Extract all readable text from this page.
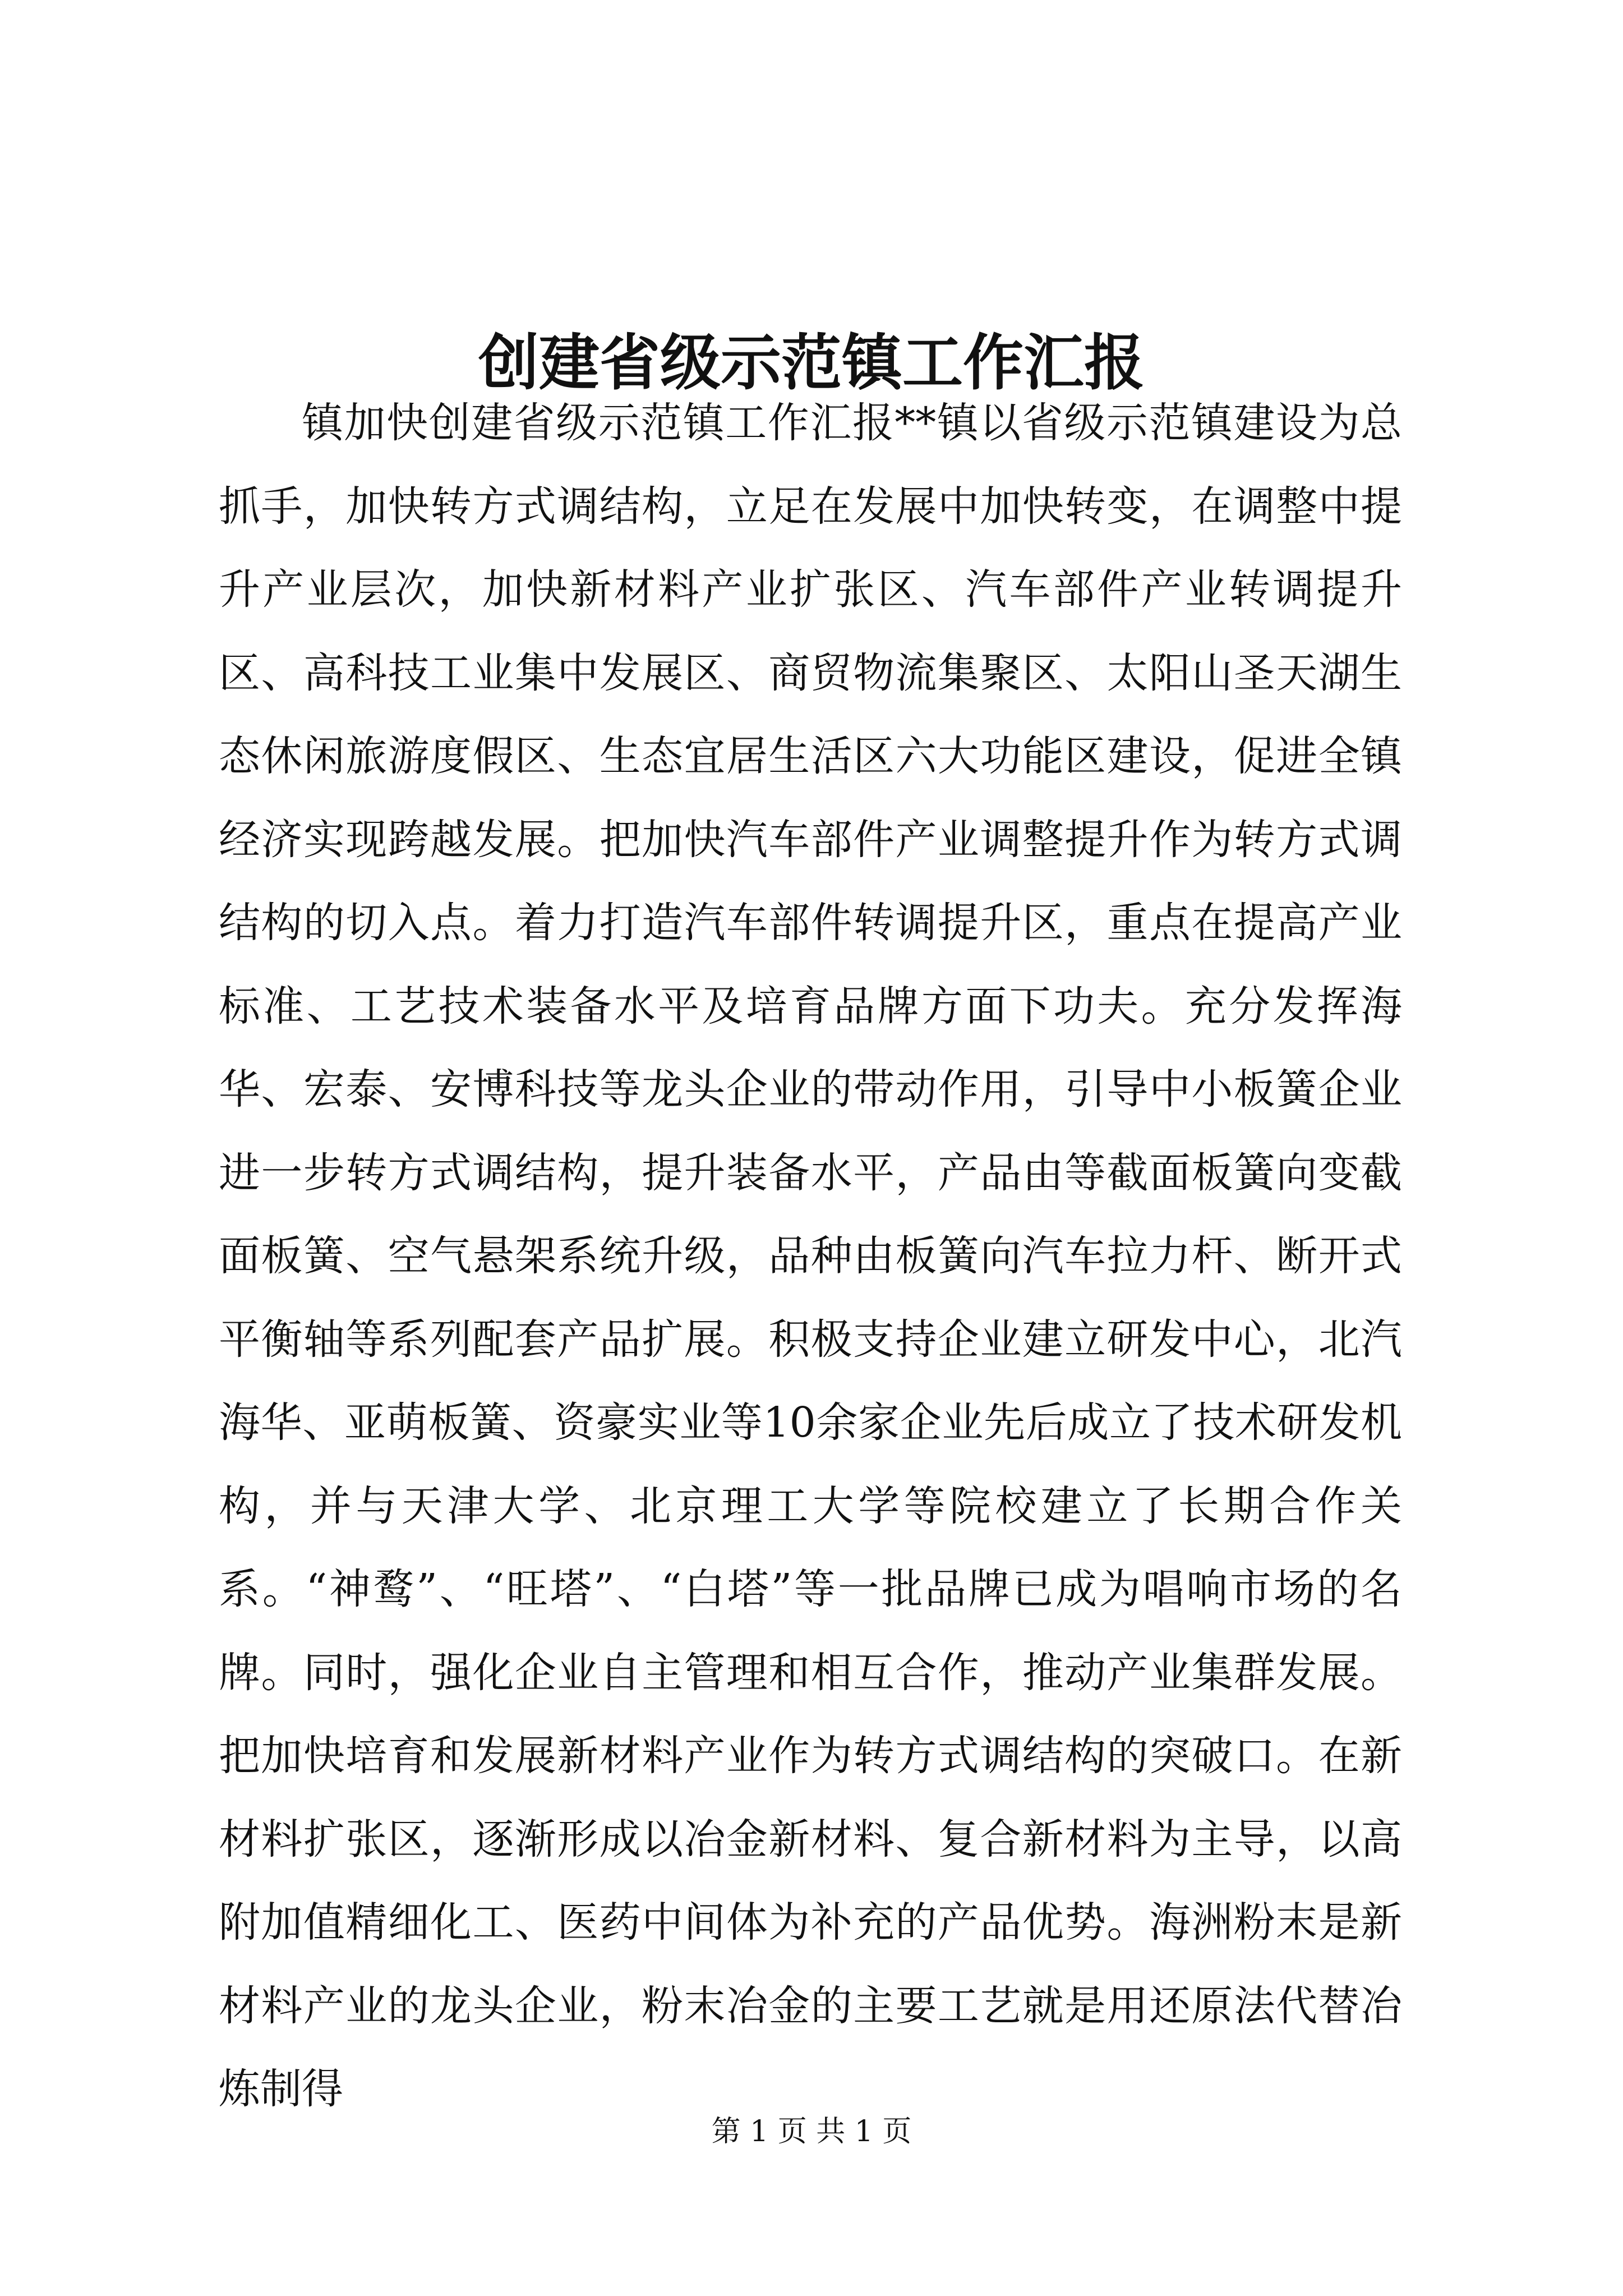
创建省级示范镇工作汇报

镇加快创建省级示范镇工作汇报**镇以省级示范镇建设为总抓手，加快转方式调结构，立足在发展中加快转变，在调整中提升产业层次，加快新材料产业扩张区、汽车部件产业转调提升区、高科技工业集中发展区、商贸物流集聚区、太阳山圣天湖生态休闲旅游度假区、生态宜居生活区六大功能区建设，促进全镇经济实现跨越发展。把加快汽车部件产业调整提升作为转方式调结构的切入点。着力打造汽车部件转调提升区，重点在提高产业标准、工艺技术装备水平及培育品牌方面下功夫。充分发挥海华、宏泰、安博科技等龙头企业的带动作用，引导中小板簧企业进一步转方式调结构，提升装备水平，产品由等截面板簧向变截面板簧、空气悬架系统升级，品种由板簧向汽车拉力杆、断开式平衡轴等系列配套产品扩展。积极支持企业建立研发中心，北汽海华、亚萌板簧、资豪实业等10余家企业先后成立了技术研发机构，并与天津大学、北京理工大学等院校建立了长期合作关系。“神鹜”、“旺塔”、“白塔”等一批品牌已成为唱响市场的名牌。同时，强化企业自主管理和相互合作，推动产业集群发展。把加快培育和发展新材料产业作为转方式调结构的突破口。在新材料扩张区，逐渐形成以冶金新材料、复合新材料为主导，以高附加值精细化工、医药中间体为补充的产品优势。海洲粉末是新材料产业的龙头企业，粉末冶金的主要工艺就是用还原法代替冶炼制得

第 1 页 共 1 页
